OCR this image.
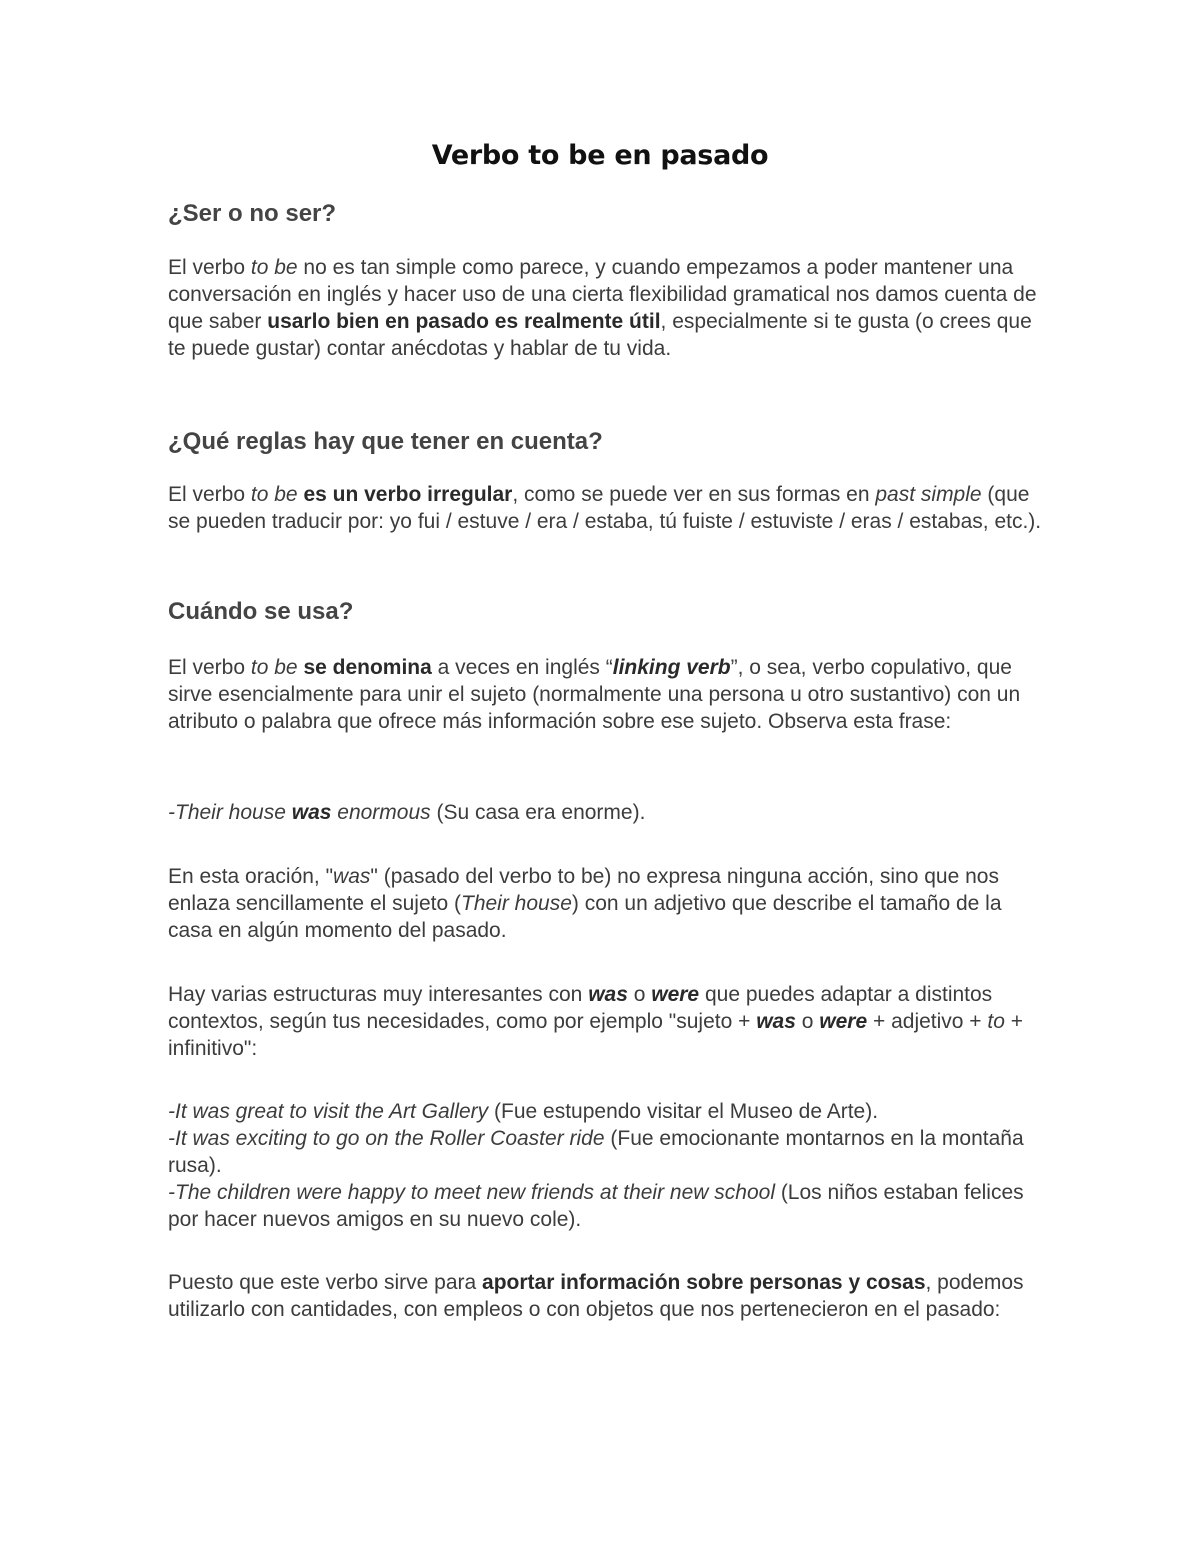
Verbo to be en pasado
¿Ser o no ser?
El verbo to be no es tan simple como parece, y cuando empezamos a poder mantener una conversación en inglés y hacer uso de una cierta flexibilidad gramatical nos damos cuenta de que saber usarlo bien en pasado es realmente útil, especialmente si te gusta (o crees que te puede gustar) contar anécdotas y hablar de tu vida.
¿Qué reglas hay que tener en cuenta?
El verbo to be es un verbo irregular, como se puede ver en sus formas en past simple (que se pueden traducir por: yo fui / estuve / era / estaba, tú fuiste / estuviste / eras / estabas, etc.).
Cuándo se usa?
El verbo to be se denomina a veces en inglés “linking verb”, o sea, verbo copulativo, que sirve esencialmente para unir el sujeto (normalmente una persona u otro sustantivo) con un atributo o palabra que ofrece más información sobre ese sujeto. Observa esta frase:
-Their house was enormous (Su casa era enorme).
En esta oración, "was" (pasado del verbo to be) no expresa ninguna acción, sino que nos enlaza sencillamente el sujeto (Their house) con un adjetivo que describe el tamaño de la casa en algún momento del pasado.
Hay varias estructuras muy interesantes con was o were que puedes adaptar a distintos contextos, según tus necesidades, como por ejemplo "sujeto + was o were + adjetivo + to + infinitivo":
-It was great to visit the Art Gallery (Fue estupendo visitar el Museo de Arte).
-It was exciting to go on the Roller Coaster ride (Fue emocionante montarnos en la montaña rusa).
-The children were happy to meet new friends at their new school (Los niños estaban felices por hacer nuevos amigos en su nuevo cole).
Puesto que este verbo sirve para aportar información sobre personas y cosas, podemos utilizarlo con cantidades, con empleos o con objetos que nos pertenecieron en el pasado:
